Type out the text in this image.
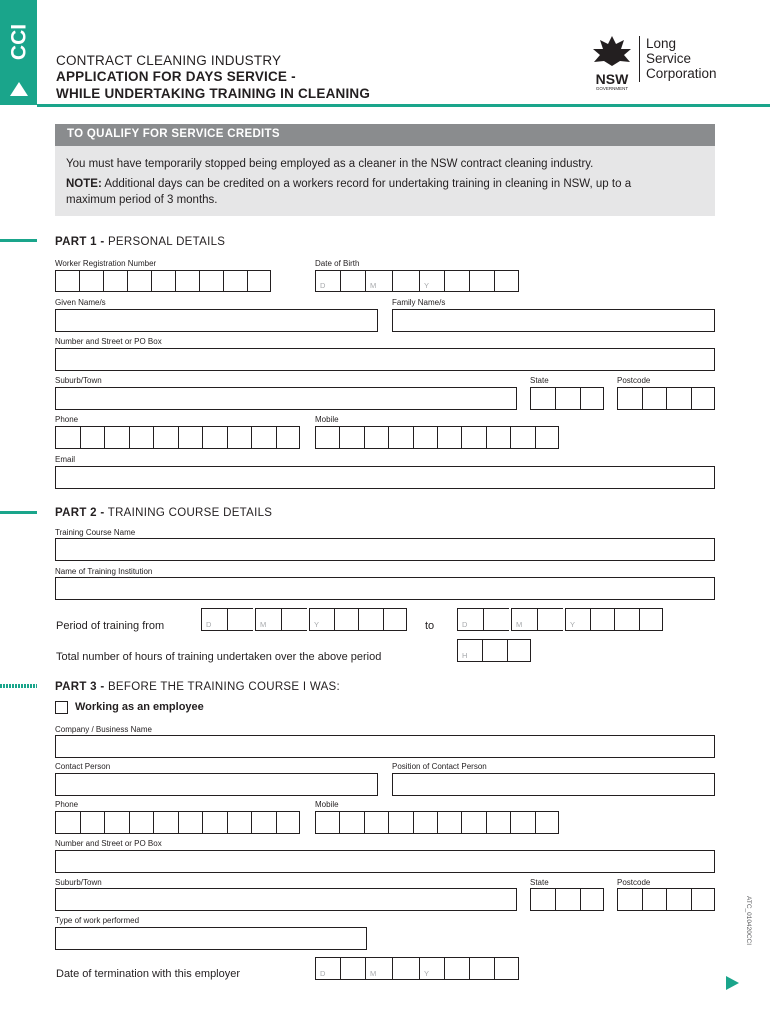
CCI
CONTRACT CLEANING INDUSTRY
APPLICATION FOR DAYS SERVICE -
WHILE UNDERTAKING TRAINING IN CLEANING
NSW
GOVERNMENT
Long
Service
Corporation
TO QUALIFY FOR SERVICE CREDITS
You must have temporarily stopped being employed as a cleaner in the NSW contract cleaning industry.
NOTE: Additional days can be credited on a workers record for undertaking training in cleaning in NSW, up to a
maximum period of 3 months.
PART 1 - PERSONAL DETAILS
Worker Registration Number
W
Date of Birth
D	M	Y
Given Name/s	Family Name/s
Number and Street or PO Box
Suburb/Town	State	Postcode
Phone	Mobile
Email
PART 2 - TRAINING COURSE DETAILS
Training Course Name
Name of Training Institution
Period of training from	D	M	Y	to	D	M	Y
Total number of hours of training undertaken over the above period	H
PART 3 - BEFORE THE TRAINING COURSE I WAS:
Working as an employee
Company / Business Name
Contact Person	Position of Contact Person
Phone	Mobile
Number and Street or PO Box
Suburb/Town	State	Postcode
Type of work performed
Date of termination with this employer	D	M	Y
ATC_010420CCI
